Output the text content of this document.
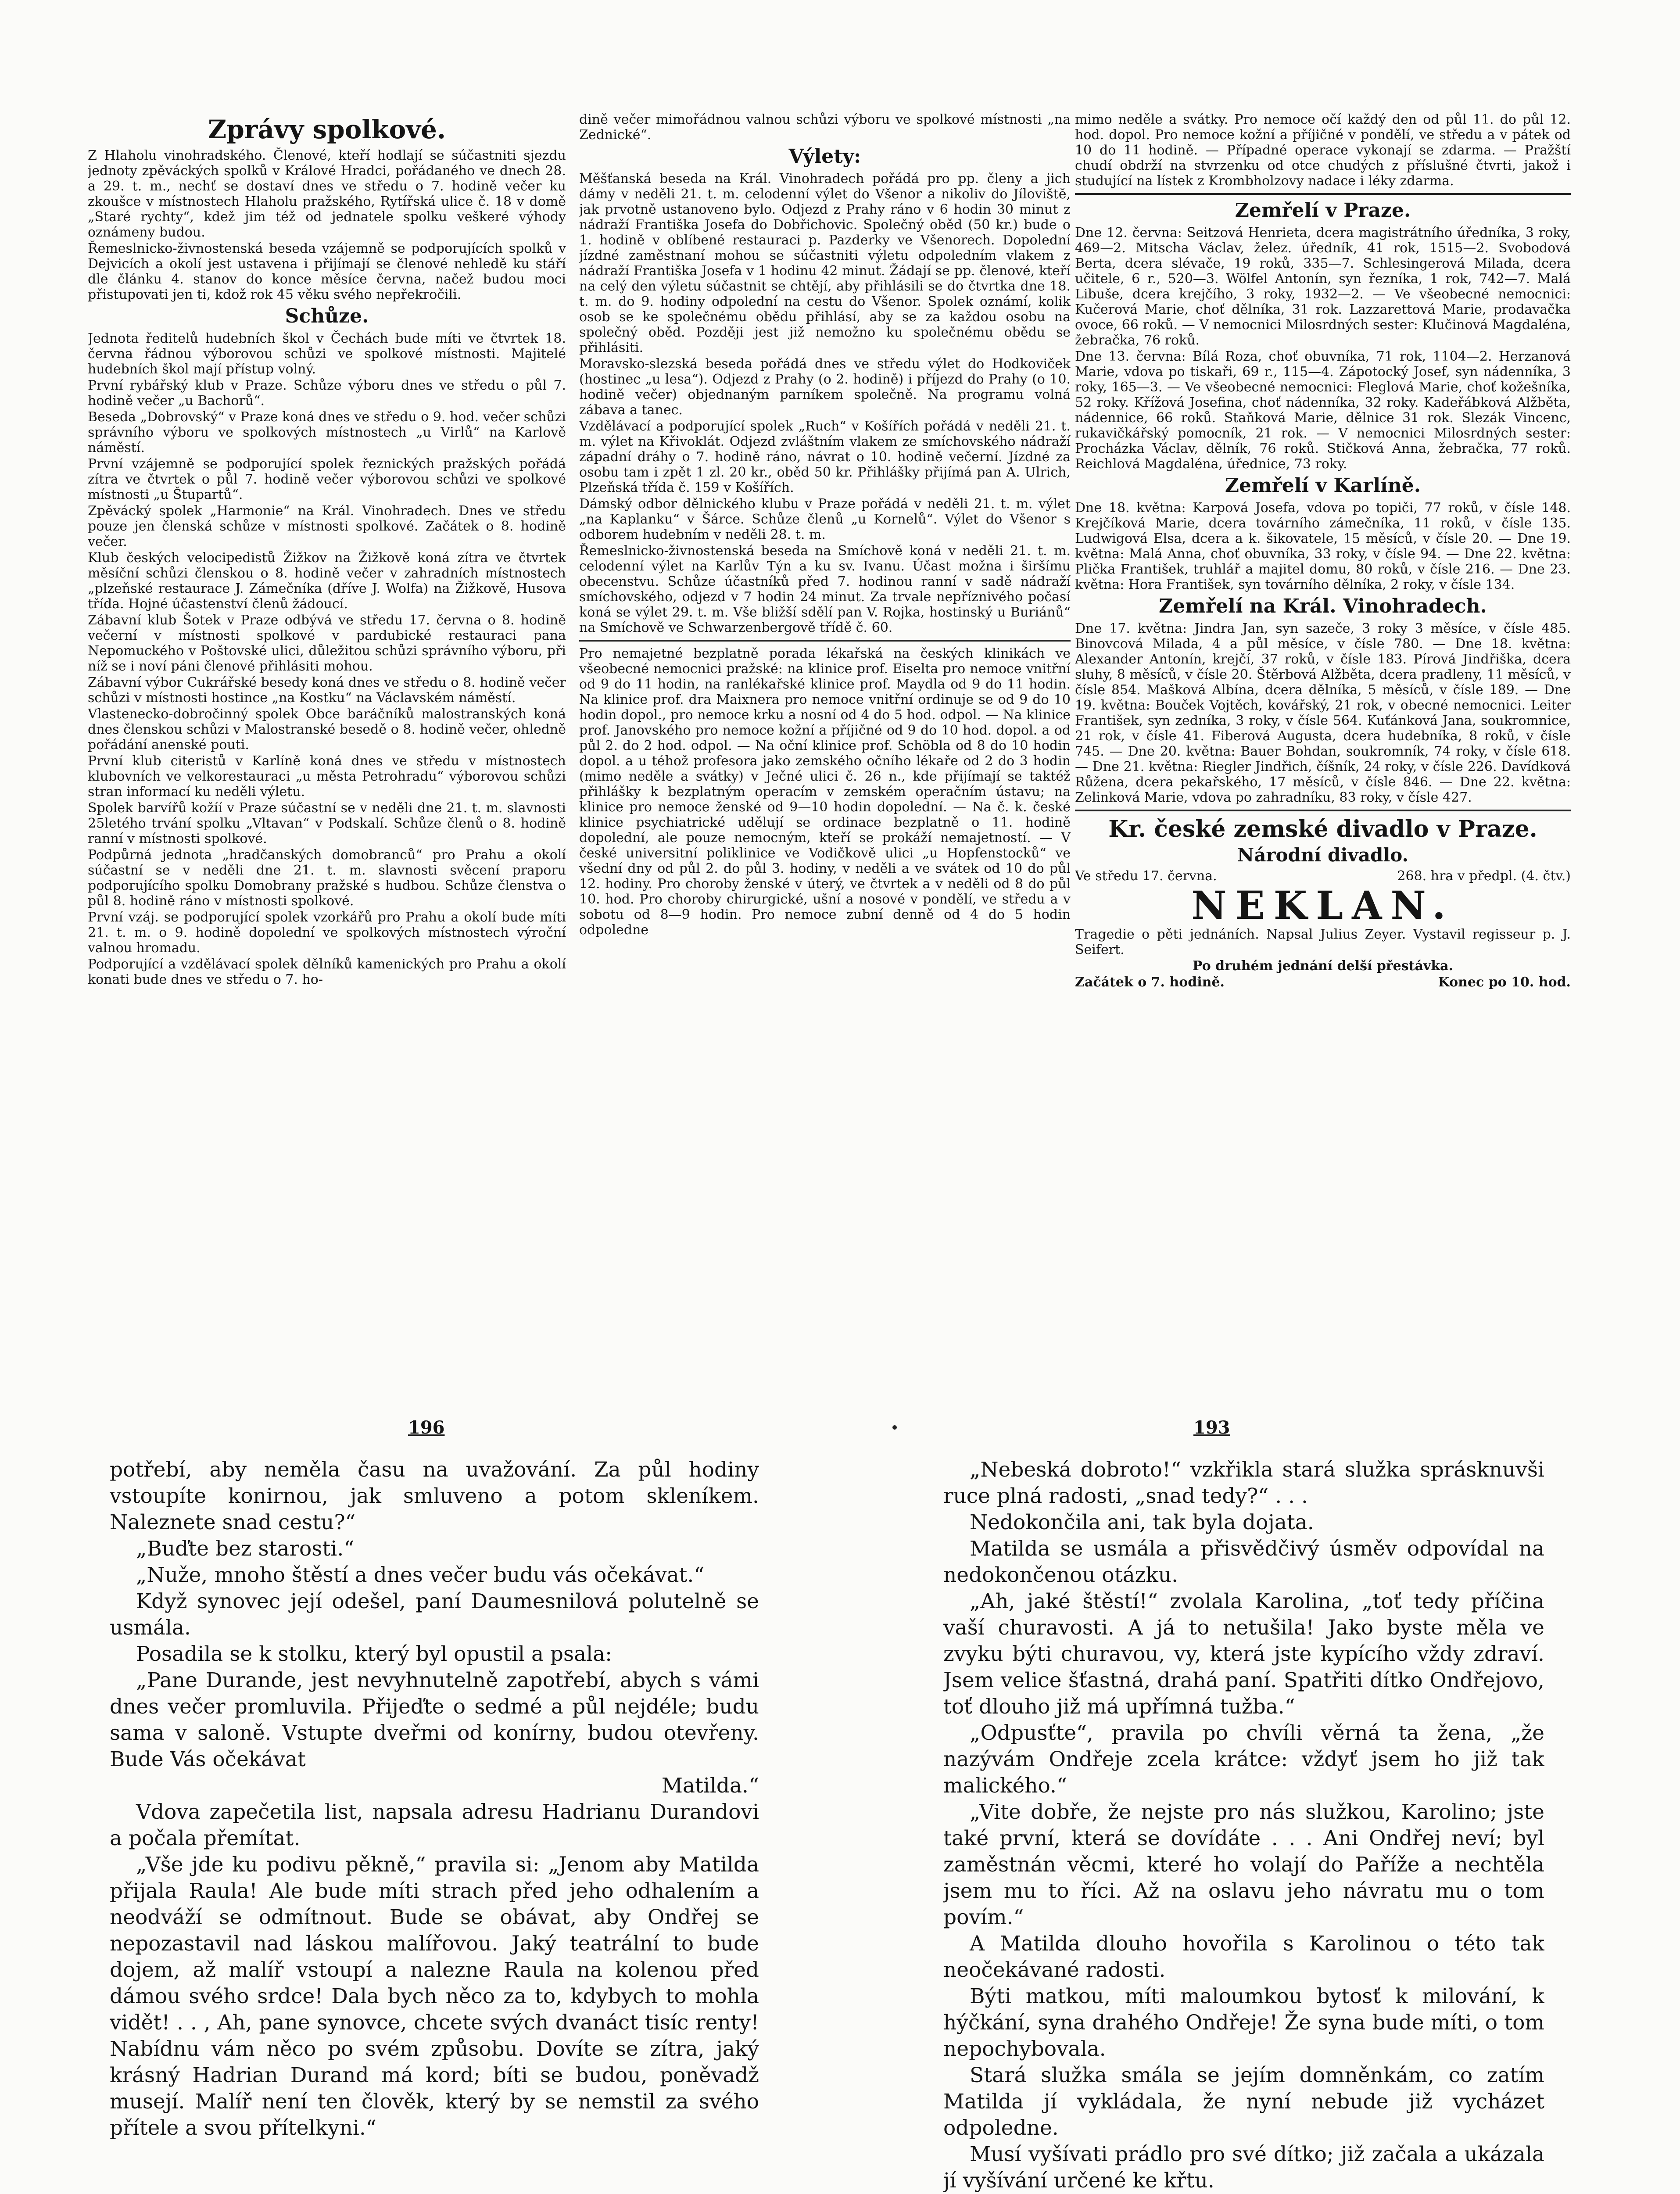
Zprávy spolkové.
Z Hlaholu vinohradského. Členové, kteří hodlají se súčastniti sjezdu jednoty zpěváckých spolků v Králové Hradci, pořádaného ve dnech 28. a 29. t. m., nechť se dostaví dnes ve středu o 7. hodině večer ku zkoušce v místnostech Hlaholu pražského, Rytířská ulice č. 18 v domě „Staré rychty“, kdež jim též od jednatele spolku veškeré výhody oznámeny budou.
Řemeslnicko-živnostenská beseda vzájemně se podporujících spolků v Dejvicích a okolí jest ustavena i přijímají se členové nehledě ku stáří dle článku 4. stanov do konce měsíce června, načež budou moci přistupovati jen ti, kdož rok 45 věku svého nepřekročili.
Schůze.
Jednota ředitelů hudebních škol v Čechách bude míti ve čtvrtek 18. června řádnou výborovou schůzi ve spolkové místnosti. Majitelé hudebních škol mají přístup volný.
První rybářský klub v Praze. Schůze výboru dnes ve středu o půl 7. hodině večer „u Bachorů“.
Beseda „Dobrovský“ v Praze koná dnes ve středu o 9. hod. večer schůzi správního výboru ve spolkových místnostech „u Virlů“ na Karlově náměstí.
První vzájemně se podporující spolek řeznických pražských pořádá zítra ve čtvrtek o půl 7. hodině večer výborovou schůzi ve spolkové místnosti „u Štupartů“.
Zpěvácký spolek „Harmonie“ na Král. Vinohradech. Dnes ve středu pouze jen členská schůze v místnosti spolkové. Začátek o 8. hodině večer.
Klub českých velocipedistů Žižkov na Žižkově koná zítra ve čtvrtek měsíční schůzi členskou o 8. hodině večer v zahradních místnostech „plzeňské restaurace J. Zámečníka (dříve J. Wolfa) na Žižkově, Husova třída. Hojné účastenství členů žádoucí.
Zábavní klub Šotek v Praze odbývá ve středu 17. června o 8. hodině večerní v místnosti spolkové v pardubické restauraci pana Nepomuckého v Poštovské ulici, důležitou schůzi správního výboru, při níž se i noví páni členové přihlásiti mohou.
Zábavní výbor Cukrářské besedy koná dnes ve středu o 8. hodině večer schůzi v místnosti hostince „na Kostku“ na Václavském náměstí.
Vlastenecko-dobročinný spolek Obce baráčníků malostranských koná dnes členskou schůzi v Malostranské besedě o 8. hodině večer, ohledně pořádání anenské pouti.
První klub citeristů v Karlíně koná dnes ve středu v místnostech klubovních ve velkorestauraci „u města Petrohradu“ výborovou schůzi stran informací ku neděli výletu.
Spolek barvířů kožíí v Praze súčastní se v neděli dne 21. t. m. slavnosti 25letého trvání spolku „Vltavan“ v Podskalí. Schůze členů o 8. hodině ranní v místnosti spolkové.
Podpůrná jednota „hradčanských domobranců“ pro Prahu a okolí súčastní se v neděli dne 21. t. m. slavnosti svěcení praporu podporujícího spolku Domobrany pražské s hudbou. Schůze členstva o půl 8. hodině ráno v místnosti spolkové.
První vzáj. se podporující spolek vzorkářů pro Prahu a okolí bude míti 21. t. m. o 9. hodině dopolední ve spolkových místnostech výroční valnou hromadu.
Podporující a vzdělávací spolek dělníků kamenických pro Prahu a okolí konati bude dnes ve středu o 7. ho-
dině večer mimořádnou valnou schůzi výboru ve spolkové místnosti „na Zednické“.
Výlety:
Měšťanská beseda na Král. Vinohradech pořádá pro pp. členy a jich dámy v neděli 21. t. m. celodenní výlet do Všenor a nikoliv do Jílovištĕ, jak prvotně ustanoveno bylo. Odjezd z Prahy ráno v 6 hodin 30 minut z nádraží Františka Josefa do Dobřichovic. Společný oběd (50 kr.) bude o 1. hodině v oblíbené restauraci p. Pazderky ve Všenorech. Dopolední jízdné zaměstnaní mohou se súčastniti výletu odpoledním vlakem z nádraží Františka Josefa v 1 hodinu 42 minut. Žádají se pp. členové, kteří na celý den výletu súčastnit se chtějí, aby přihlásili se do čtvrtka dne 18. t. m. do 9. hodiny odpolední na cestu do Všenor. Spolek oznámí, kolik osob se ke společnému obědu přihlásí, aby se za každou osobu na společný oběd. Později jest již nemožno ku společnému obědu se přihlásiti.
Moravsko-slezská beseda pořádá dnes ve středu výlet do Hodkoviček (hostinec „u lesa“). Odjezd z Prahy (o 2. hodině) i příjezd do Prahy (o 10. hodině večer) objednaným parníkem společně. Na programu volná zábava a tanec.
Vzdělávací a podporující spolek „Ruch“ v Košířích pořádá v neděli 21. t. m. výlet na Křivoklát. Odjezd zvláštním vlakem ze smíchovského nádraží západní dráhy o 7. hodině ráno, návrat o 10. hodině večerní. Jízdné za osobu tam i zpět 1 zl. 20 kr., oběd 50 kr. Přihlášky přijímá pan A. Ulrich, Plzeňská třída č. 159 v Košířích.
Dámský odbor dělnického klubu v Praze pořádá v neděli 21. t. m. výlet „na Kaplanku“ v Šárce. Schůze členů „u Kornelů“. Výlet do Všenor s odborem hudebním v neděli 28. t. m.
Řemeslnicko-živnostenská beseda na Smíchově koná v neděli 21. t. m. celodenní výlet na Karlův Týn a ku sv. Ivanu. Účast možna i širšímu obecenstvu. Schůze účastníků před 7. hodinou ranní v sadě nádraží smíchovského, odjezd v 7 hodin 24 minut. Za trvale nepříznivého počasí koná se výlet 29. t. m. Vše bližší sdělí pan V. Rojka, hostinský u Buriánů“ na Smíchově ve Schwarzenbergově třídě č. 60.
Pro nemajetné bezplatně porada lékařská na českých klinikách ve všeobecné nemocnici pražské: na klinice prof. Eiselta pro nemoce vnitřní od 9 do 11 hodin, na ranlékařské klinice prof. Maydla od 9 do 11 hodin. Na klinice prof. dra Maixnera pro nemoce vnitřní ordinuje se od 9 do 10 hodin dopol., pro nemoce krku a nosní od 4 do 5 hod. odpol. — Na klinice prof. Janovského pro nemoce kožní a příjičné od 9 do 10 hod. dopol. a od půl 2. do 2 hod. odpol. — Na oční klinice prof. Schöbla od 8 do 10 hodin dopol. a u téhož profesora jako zemského očního lékaře od 2 do 3 hodin (mimo neděle a svátky) v Ječné ulici č. 26 n., kde přijímají se taktéž přihlášky k bezplatným operacím v zemském operačním ústavu; na klinice pro nemoce ženské od 9—10 hodin dopolední. — Na č. k. české klinice psychiatrické udělují se ordinace bezplatně o 11. hodině dopolední, ale pouze nemocným, kteří se prokáží nemajetností. — V české universitní poliklinice ve Vodičkově ulici „u Hopfenstocků“ ve všední dny od půl 2. do půl 3. hodiny, v neděli a ve svátek od 10 do půl 12. hodiny. Pro choroby ženské v úterý, ve čtvrtek a v neděli od 8 do půl 10. hod. Pro choroby chirurgické, ušní a nosové v pondělí, ve středu a v sobotu od 8—9 hodin. Pro nemoce zubní denně od 4 do 5 hodin odpoledne
mimo neděle a svátky. Pro nemoce očí každý den od půl 11. do půl 12. hod. dopol. Pro nemoce kožní a příjičné v pondělí, ve středu a v pátek od 10 do 11 hodině. — Případné operace vykonají se zdarma. — Pražští chudí obdrží na stvrzenku od otce chudých z příslušné čtvrti, jakož i studující na lístek z Krombholzovy nadace i léky zdarma.
Zemřelí v Praze.
Dne 12. června: Seitzová Henrieta, dcera magistrátního úředníka, 3 roky, 469—2. Mitscha Václav, želez. úředník, 41 rok, 1515—2. Svobodová Berta, dcera slévače, 19 roků, 335—7. Schlesingerová Milada, dcera učitele, 6 r., 520—3. Wölfel Antonín, syn řezníka, 1 rok, 742—7. Malá Libuše, dcera krejčího, 3 roky, 1932—2. — Ve všeobecné nemocnici: Kučerová Marie, choť dělníka, 31 rok. Lazzarettová Marie, prodavačka ovoce, 66 roků. — V nemocnici Milosrdných sester: Klučinová Magdaléna, žebračka, 76 roků.
Dne 13. června: Bílá Roza, choť obuvníka, 71 rok, 1104—2. Herzanová Marie, vdova po tiskaři, 69 r., 115—4. Zápotocký Josef, syn nádenníka, 3 roky, 165—3. — Ve všeobecné nemocnici: Fleglová Marie, choť kožešníka, 52 roky. Křížová Josefina, choť nádenníka, 32 roky. Kadeřábková Alžběta, nádennice, 66 roků. Staňková Marie, dělnice 31 rok. Slezák Vincenc, rukavičkářský pomocník, 21 rok. — V nemocnici Milosrdných sester: Procházka Václav, dělník, 76 roků. Stičková Anna, žebračka, 77 roků. Reichlová Magdaléna, úřednice, 73 roky.
Zemřelí v Karlíně.
Dne 18. května: Karpová Josefa, vdova po topiči, 77 roků, v čísle 148. Krejčíková Marie, dcera továrního zámečníka, 11 roků, v čísle 135. Ludwigová Elsa, dcera a k. šikovatele, 15 měsíců, v čísle 20. — Dne 19. května: Malá Anna, choť obuvníka, 33 roky, v čísle 94. — Dne 22. května: Plička František, truhlář a majitel domu, 80 roků, v čísle 216. — Dne 23. května: Hora František, syn továrního dělníka, 2 roky, v čísle 134.
Zemřelí na Král. Vinohradech.
Dne 17. května: Jindra Jan, syn sazeče, 3 roky 3 měsíce, v čísle 485. Binovcová Milada, 4 a půl měsíce, v čísle 780. — Dne 18. května: Alexander Antonín, krejčí, 37 roků, v čísle 183. Pírová Jindřiška, dcera sluhy, 8 měsíců, v čísle 20. Štěrbová Alžběta, dcera pradleny, 11 měsíců, v čísle 854. Mašková Albína, dcera dělníka, 5 měsíců, v čísle 189. — Dne 19. května: Bouček Vojtěch, kovářský, 21 rok, v obecné nemocnici. Leiter František, syn zedníka, 3 roky, v čísle 564. Kuťánková Jana, soukromnice, 21 rok, v čísle 41. Fiberová Augusta, dcera hudebníka, 8 roků, v čísle 745. — Dne 20. května: Bauer Bohdan, soukromník, 74 roky, v čísle 618. — Dne 21. května: Riegler Jindřich, číšník, 24 roky, v čísle 226. Davídková Růžena, dcera pekařského, 17 měsíců, v čísle 846. — Dne 22. května: Zelinková Marie, vdova po zahradníku, 83 roky, v čísle 427.
Kr. české zemské divadlo v Praze.
Národní divadlo.
Ve středu 17. června.	268. hra v předpl. (4. čtv.)
NEKLAN.
Tragedie o pěti jednáních. Napsal Julius Zeyer. Vystavil regisseur p. J. Seifert.
Po druhém jednání delší přestávka.
Začátek o 7. hodině.	Konec po 10. hod.
196	193

potřebí, aby neměla času na uvažování. Za půl hodiny vstoupíte konirnou, jak smluveno a potom skleníkem. Naleznete snad cestu?“

„Buďte bez starosti.“

„Nuže, mnoho štěstí a dnes večer budu vás očekávat.“

Když synovec její odešel, paní Daumesnilová polutelně se usmála.

Posadila se k stolku, který byl opustil a psala:

„Pane Durande, jest nevyhnutelně zapotřebí, abych s vámi dnes večer promluvila. Přijeďte o sedmé a půl nejdéle; budu sama v saloně. Vstupte dveřmi od konírny, budou otevřeny. Bude Vás očekávat

Matilda.“

Vdova zapečetila list, napsala adresu Hadrianu Durandovi a počala přemítat.

„Vše jde ku podivu pěkně,“ pravila si: „Jenom aby Matilda přijala Raula! Ale bude míti strach před jeho odhalením a neodváží se odmítnout. Bude se obávat, aby Ondřej se nepozastavil nad láskou malířovou. Jaký teatrální to bude dojem, až malíř vstoupí a nalezne Raula na kolenou před dámou svého srdce! Dala bych něco za to, kdybych to mohla vidět! . . , Ah, pane synovce, chcete svých dvanáct tisíc renty! Nabídnu vám něco po svém způsobu. Dovíte se zítra, jaký krásný Hadrian Durand má kord; bíti se budou, poněvadž musejí. Malíř není ten člověk, který by se nemstil za svého přítele a svou přítelkyni.“

„Nebeská dobroto!“ vzkřikla stará služka sprásknuvši ruce plná radosti, „snad tedy?“ . . .

Nedokončila ani, tak byla dojata.

Matilda se usmála a přisvědčivý úsměv odpovídal na nedokončenou otázku.

„Ah, jaké štěstí!“ zvolala Karolina, „toť tedy příčina vaší churavosti. A já to netušila! Jako byste měla ve zvyku býti churavou, vy, která jste kypícího vždy zdraví. Jsem velice šťastná, drahá paní. Spatřiti dítko Ondřejovo, toť dlouho již má upřímná tužba.“

„Odpusťte“, pravila po chvíli věrná ta žena, „že nazývám Ondřeje zcela krátce: vždyť jsem ho již tak malického.“

„Vite dobře, že nejste pro nás služkou, Karolino; jste také první, která se dovídáte . . . Ani Ondřej neví; byl zaměstnán věcmi, které ho volají do Paříže a nechtěla jsem mu to říci. Až na oslavu jeho návratu mu o tom povím.“

A Matilda dlouho hovořila s Karolinou o této tak neočekávané radosti.

Býti matkou, míti maloumkou bytosť k milování, k hýčkání, syna drahého Ondřeje! Že syna bude míti, o tom nepochybovala.

Stará služka smála se jejím domněnkám, co zatím Matilda jí vykládala, že nyní nebude již vycházet odpoledne.

Musí vyšívati prádlo pro své dítko; již začala a ukázala jí vyšívání určené ke křtu.
